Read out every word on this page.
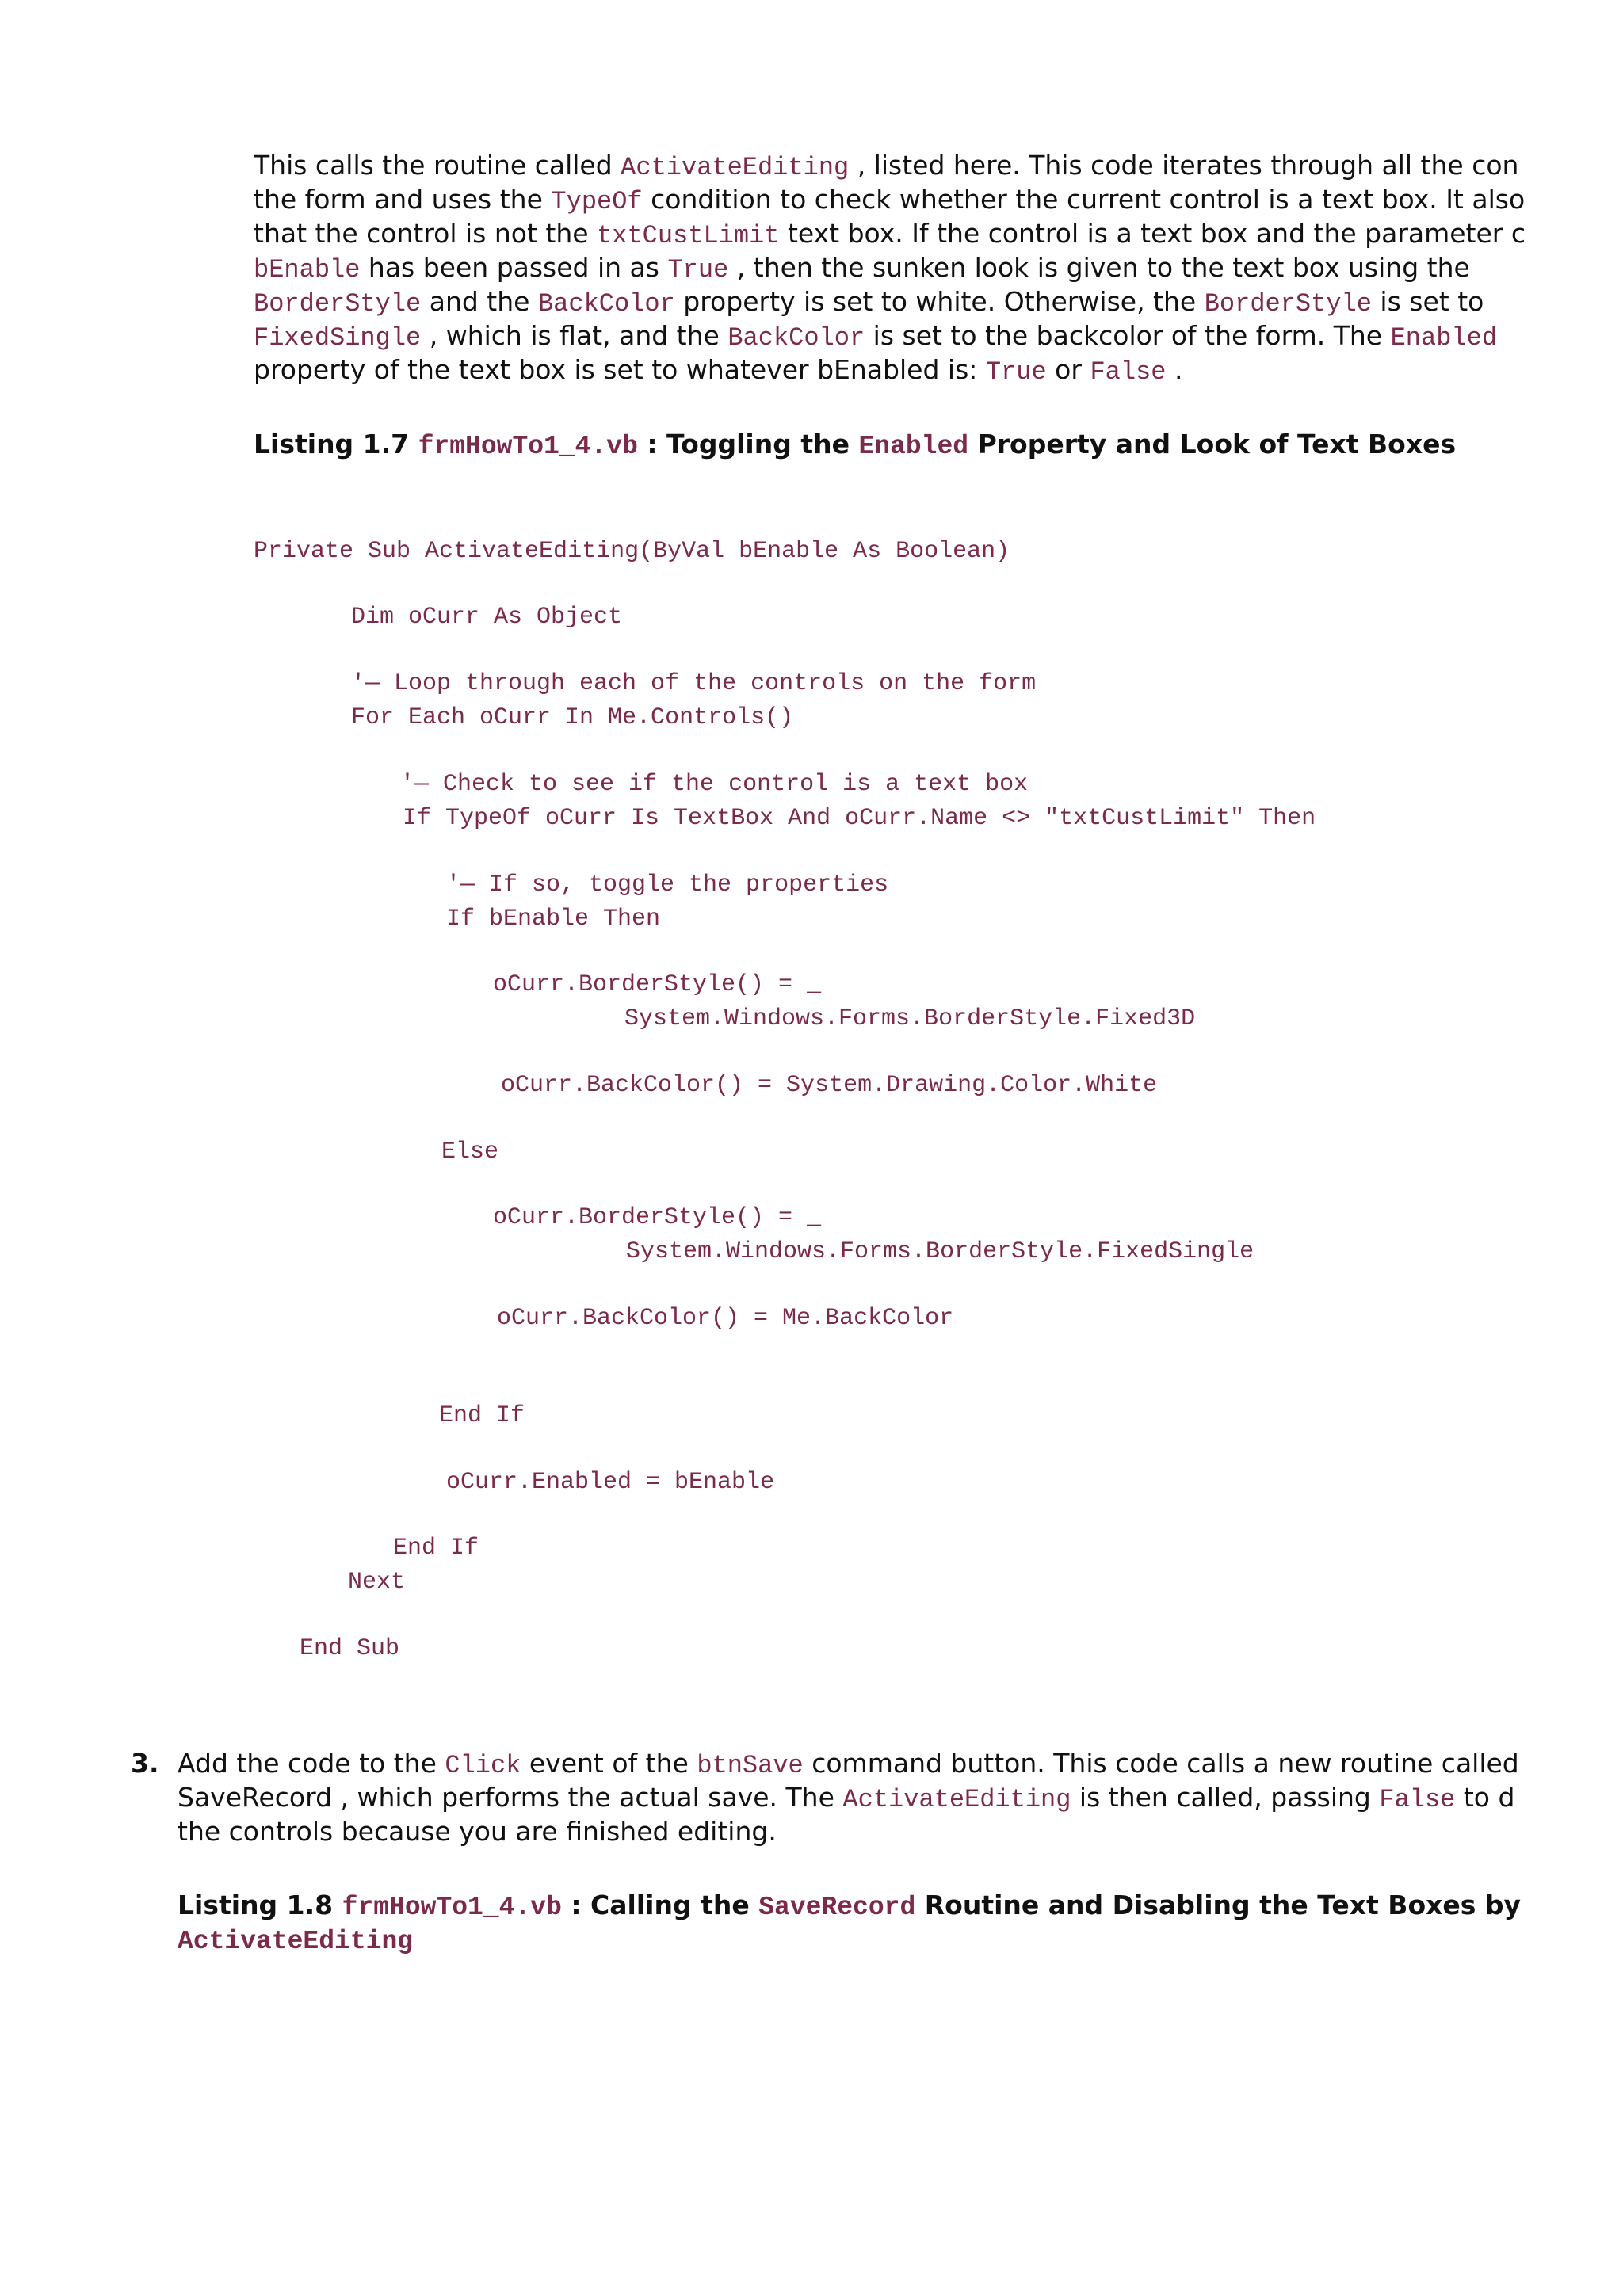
This calls the routine called ActivateEditing , listed here. This code iterates through all the con
the form and uses the TypeOf condition to check whether the current control is a text box. It also
that the control is not the txtCustLimit text box. If the control is a text box and the parameter c
bEnable has been passed in as True , then the sunken look is given to the text box using the
BorderStyle and the BackColor property is set to white. Otherwise, the BorderStyle is set to
FixedSingle , which is flat, and the BackColor is set to the backcolor of the form. The Enabled
property of the text box is set to whatever bEnabled is: True or False .
Listing 1.7 frmHowTo1_4.vb : Toggling the Enabled Property and Look of Text Boxes
Private Sub ActivateEditing(ByVal bEnable As Boolean)
Dim oCurr As Object
'— Loop through each of the controls on the form
For Each oCurr In Me.Controls()
'— Check to see if the control is a text box
If TypeOf oCurr Is TextBox And oCurr.Name <> "txtCustLimit" Then
'— If so, toggle the properties
If bEnable Then
oCurr.BorderStyle() = _
System.Windows.Forms.BorderStyle.Fixed3D
oCurr.BackColor() = System.Drawing.Color.White
Else
oCurr.BorderStyle() = _
System.Windows.Forms.BorderStyle.FixedSingle
oCurr.BackColor() = Me.BackColor
End If
oCurr.Enabled = bEnable
End If
Next
End Sub
3. Add the code to the Click event of the btnSave command button. This code calls a new routine called
SaveRecord , which performs the actual save. The ActivateEditing is then called, passing False to d
the controls because you are finished editing.
Listing 1.8 frmHowTo1_4.vb : Calling the SaveRecord Routine and Disabling the Text Boxes by
ActivateEditing
